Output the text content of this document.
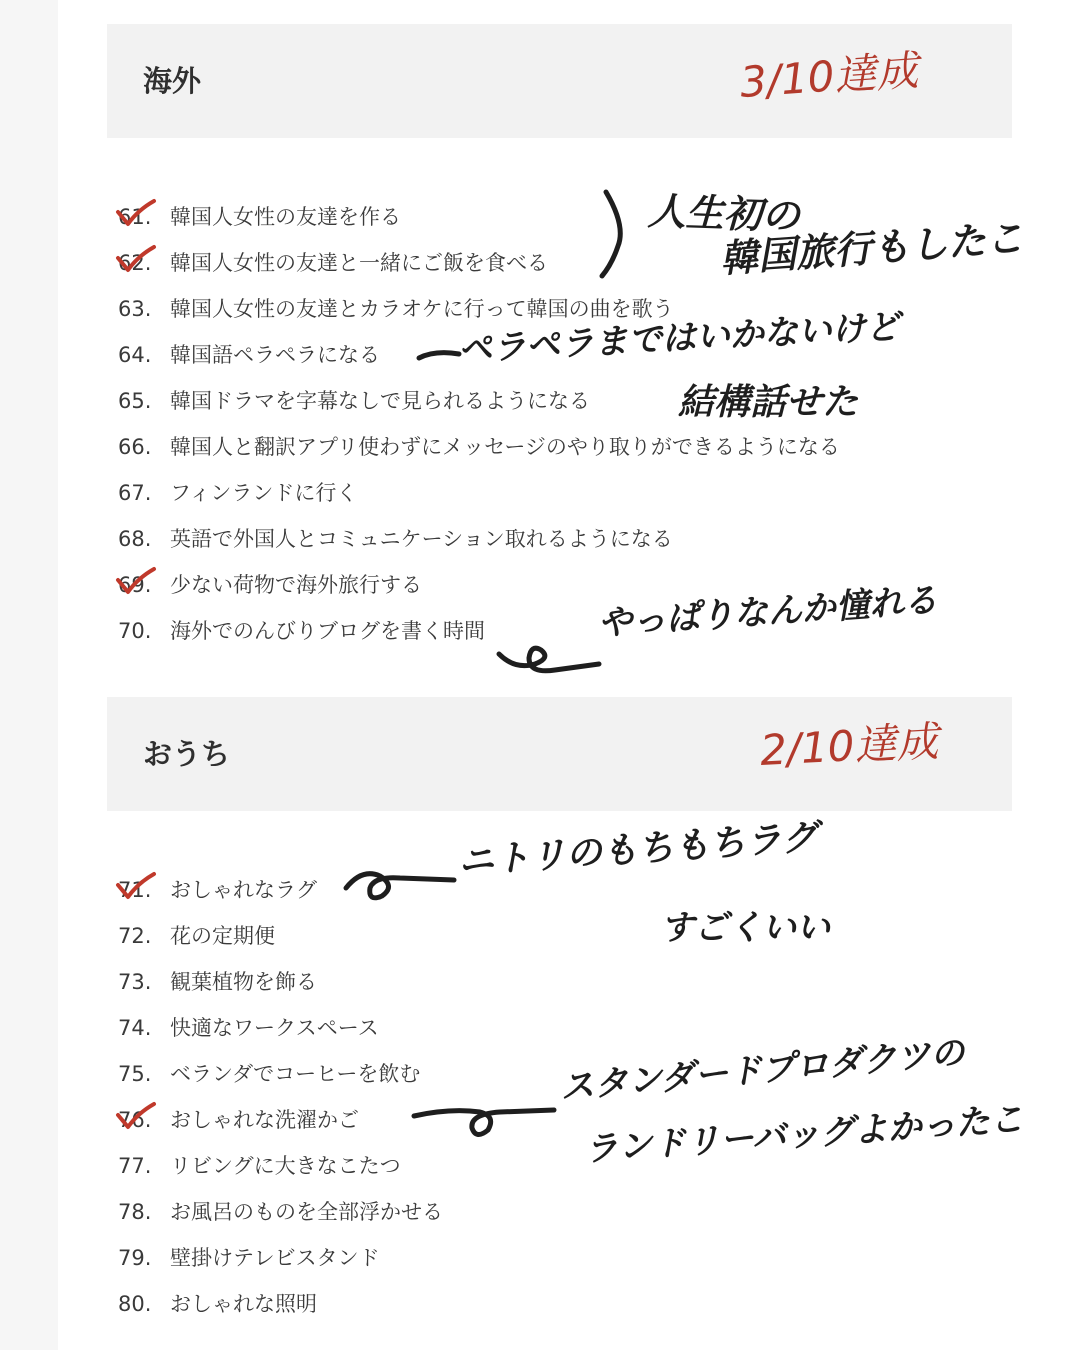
海外	3/10達成
61. 韓国人女性の友達を作る
62. 韓国人女性の友達と一緒にご飯を食べる
63. 韓国人女性の友達とカラオケに行って韓国の曲を歌う
64. 韓国語ペラペラになる
65. 韓国ドラマを字幕なしで見られるようになる
66. 韓国人と翻訳アプリ使わずにメッセージのやり取りができるようになる
67. フィンランドに行く
68. 英語で外国人とコミュニケーション取れるようになる
69. 少ない荷物で海外旅行する
70. 海外でのんびりブログを書く時間
人生初の
韓国旅行もしたこ
ペラペラまではいかないけど
結構話せた
やっぱりなんか憧れる
おうち	2/10達成
71. おしゃれなラグ
72. 花の定期便
73. 観葉植物を飾る
74. 快適なワークスペース
75. ベランダでコーヒーを飲む
76. おしゃれな洗濯かご
77. リビングに大きなこたつ
78. お風呂のものを全部浮かせる
79. 壁掛けテレビスタンド
80. おしゃれな照明
ニトリのもちもちラグ
すごくいい
スタンダードプロダクツの
ランドリーバッグよかったこ
